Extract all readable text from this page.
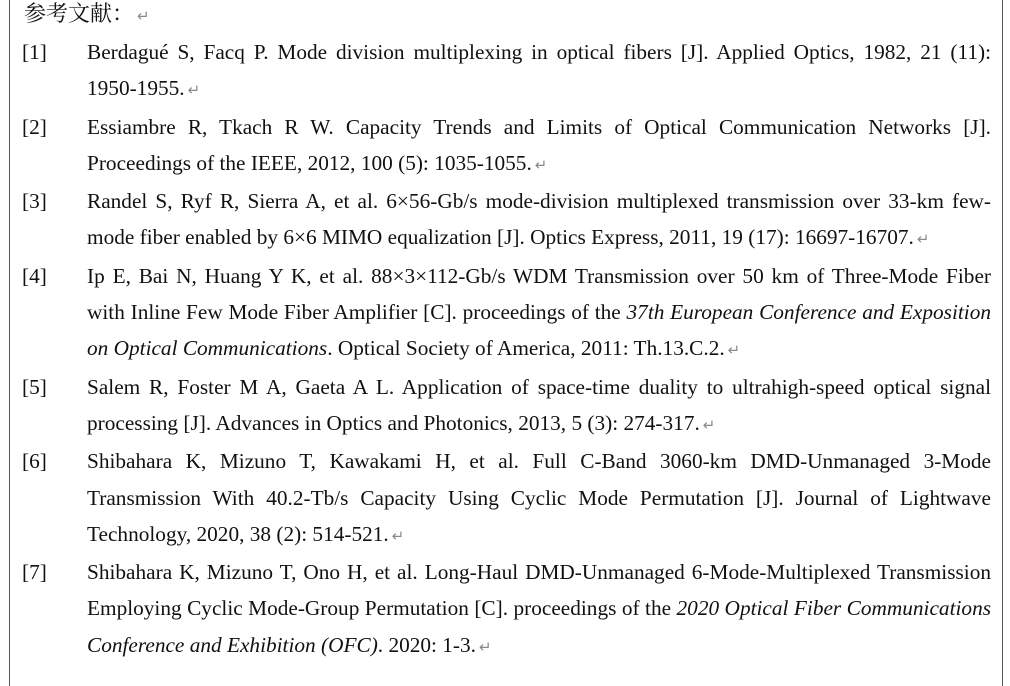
参考文献： ↵
[1] Berdagué S, Facq P. Mode division multiplexing in optical fibers [J]. Applied Optics, 1982, 21 (11): 1950-1955. ↵
[2] Essiambre R, Tkach R W. Capacity Trends and Limits of Optical Communication Networks [J]. Proceedings of the IEEE, 2012, 100 (5): 1035-1055. ↵
[3] Randel S, Ryf R, Sierra A, et al. 6×56-Gb/s mode-division multiplexed transmission over 33-km few-mode fiber enabled by 6×6 MIMO equalization [J]. Optics Express, 2011, 19 (17): 16697-16707. ↵
[4] Ip E, Bai N, Huang Y K, et al. 88×3×112-Gb/s WDM Transmission over 50 km of Three-Mode Fiber with Inline Few Mode Fiber Amplifier [C]. proceedings of the 37th European Conference and Exposition on Optical Communications. Optical Society of America, 2011: Th.13.C.2. ↵
[5] Salem R, Foster M A, Gaeta A L. Application of space-time duality to ultrahigh-speed optical signal processing [J]. Advances in Optics and Photonics, 2013, 5 (3): 274-317. ↵
[6] Shibahara K, Mizuno T, Kawakami H, et al. Full C-Band 3060-km DMD-Unmanaged 3-Mode Transmission With 40.2-Tb/s Capacity Using Cyclic Mode Permutation [J]. Journal of Lightwave Technology, 2020, 38 (2): 514-521. ↵
[7] Shibahara K, Mizuno T, Ono H, et al. Long-Haul DMD-Unmanaged 6-Mode-Multiplexed Transmission Employing Cyclic Mode-Group Permutation [C]. proceedings of the 2020 Optical Fiber Communications Conference and Exhibition (OFC). 2020: 1-3. ↵
